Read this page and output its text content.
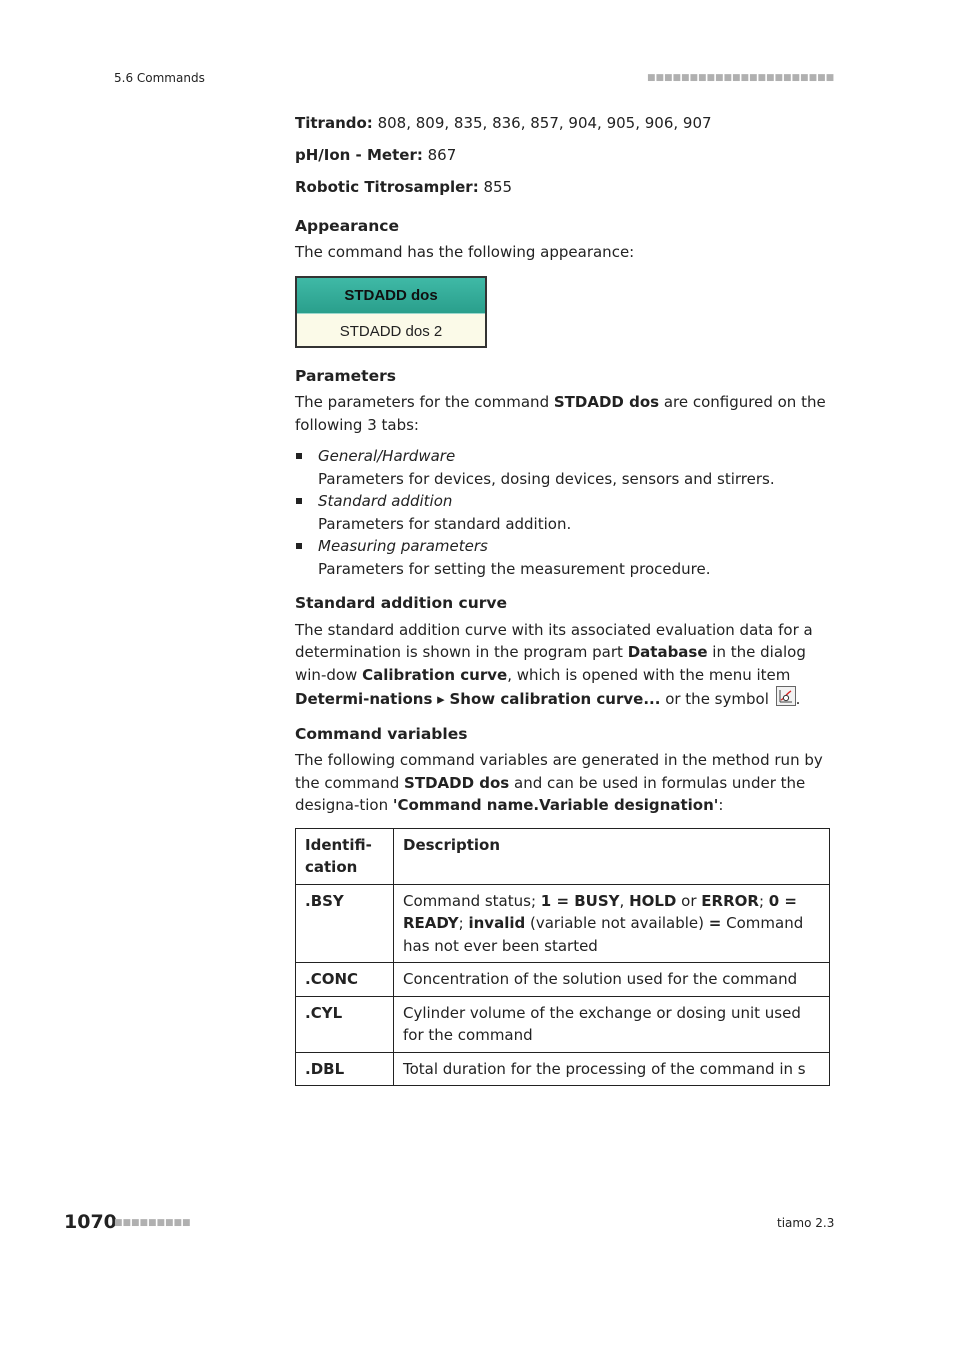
5.6 Commands	■■■■■■■■■■■■■■■■■■■■■■

Titrando: 808, 809, 835, 836, 857, 904, 905, 906, 907

pH/Ion - Meter: 867

Robotic Titrosampler: 855

Appearance

The command has the following appearance:

STDADD dos
STDADD dos 2

Parameters

The parameters for the command STDADD dos are configured on the following 3 tabs:

General/Hardware
Parameters for devices, dosing devices, sensors and stirrers.
Standard addition
Parameters for standard addition.
Measuring parameters
Parameters for setting the measurement procedure.

Standard addition curve

The standard addition curve with its associated evaluation data for a determination is shown in the program part Database in the dialog win-dow Calibration curve, which is opened with the menu item Determi-nations ▸ Show calibration curve... or the symbol
.

Command variables

The following command variables are generated in the method run by the command STDADD dos and can be used in formulas under the designa-tion 'Command name.Variable designation':

Identifi-cation	Description
.BSY	Command status; 1 = BUSY, HOLD or ERROR; 0 = READY; invalid (variable not available) = Command has not ever been started
.CONC	Concentration of the solution used for the command
.CYL	Cylinder volume of the exchange or dosing unit used for the command
.DBL	Total duration for the processing of the command in s
1070
■■■■■■■■■	tiamo 2.3
